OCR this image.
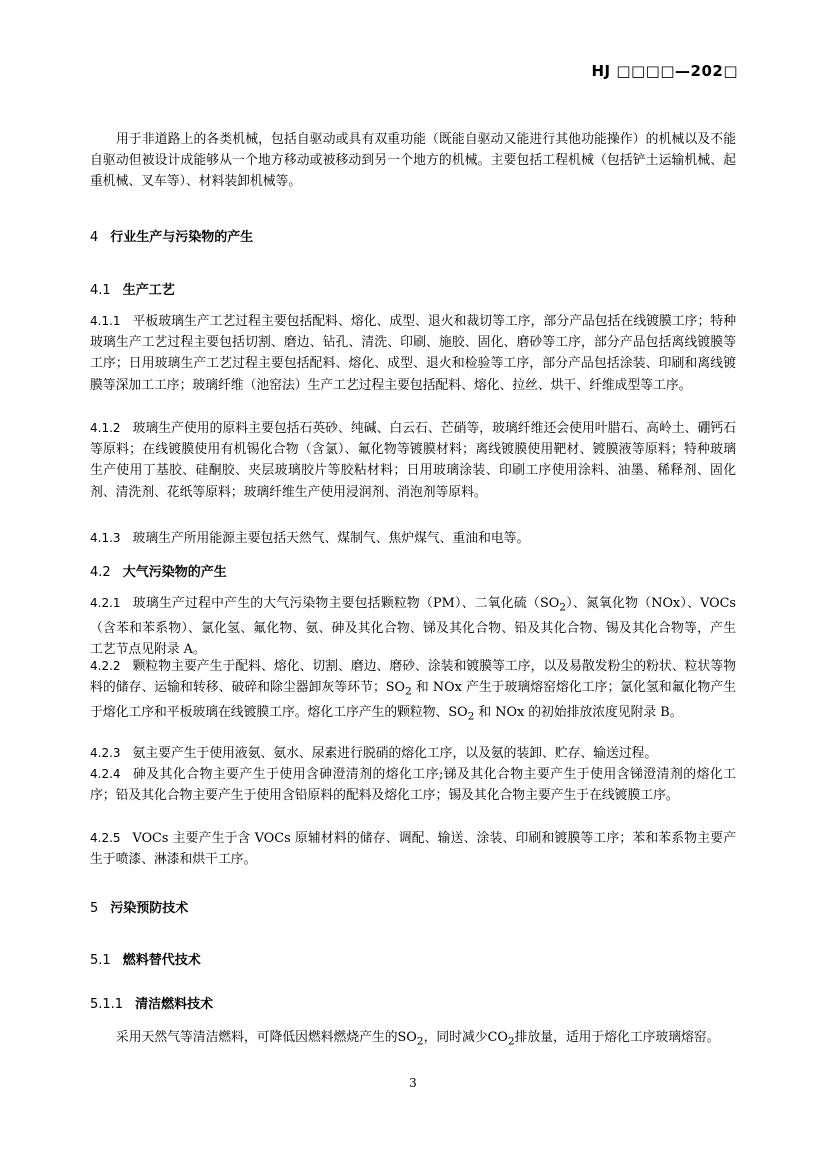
HJ □□□□—202□

用于非道路上的各类机械，包括自驱动或具有双重功能（既能自驱动又能进行其他功能操作）的机械以及不能自驱动但被设计成能够从一个地方移动或被移动到另一个地方的机械。主要包括工程机械（包括铲土运输机械、起重机械、叉车等）、材料装卸机械等。

4 行业生产与污染物的产生
4.1 生产工艺

4.1.1 平板玻璃生产工艺过程主要包括配料、熔化、成型、退火和裁切等工序，部分产品包括在线镀膜工序；特种玻璃生产工艺过程主要包括切割、磨边、钻孔、清洗、印刷、施胶、固化、磨砂等工序，部分产品包括离线镀膜等工序；日用玻璃生产工艺过程主要包括配料、熔化、成型、退火和检验等工序，部分产品包括涂装、印刷和离线镀膜等深加工工序；玻璃纤维（池窑法）生产工艺过程主要包括配料、熔化、拉丝、烘干、纤维成型等工序。

4.1.2 玻璃生产使用的原料主要包括石英砂、纯碱、白云石、芒硝等，玻璃纤维还会使用叶腊石、高岭土、硼钙石等原料；在线镀膜使用有机锡化合物（含氯）、氟化物等镀膜材料；离线镀膜使用靶材、镀膜液等原料；特种玻璃生产使用丁基胶、硅酮胶、夹层玻璃胶片等胶粘材料；日用玻璃涂装、印刷工序使用涂料、油墨、稀释剂、固化剂、清洗剂、花纸等原料；玻璃纤维生产使用浸润剂、消泡剂等原料。

4.1.3 玻璃生产所用能源主要包括天然气、煤制气、焦炉煤气、重油和电等。

4.2 大气污染物的产生

4.2.1 玻璃生产过程中产生的大气污染物主要包括颗粒物（PM）、二氧化硫$(SO_2)$、氮氧化物（NOx）、VOCs（含苯和苯系物）、氯化氢、氟化物、氨、砷及其化合物、锑及其化合物、铅及其化合物、锡及其化合物等，产生工艺节点见附录 A。

4.2.2 颗粒物主要产生于配料、熔化、切割、磨边、磨砂、涂装和镀膜等工序，以及易散发粉尘的粉状、粒状等物料的储存、运输和转移、破碎和除尘器卸灰等环节；$SO_2$ 和 NOx 产生于玻璃熔窑熔化工序；氯化氢和氟化物产生于熔化工序和平板玻璃在线镀膜工序。熔化工序产生的颗粒物、$SO_2$ 和 NOx 的初始排放浓度见附录 B。

4.2.3 氨主要产生于使用液氨、氨水、尿素进行脱硝的熔化工序，以及氨的装卸、贮存、输送过程。

4.2.4 砷及其化合物主要产生于使用含砷澄清剂的熔化工序;锑及其化合物主要产生于使用含锑澄清剂的熔化工序；铅及其化合物主要产生于使用含铅原料的配料及熔化工序；锡及其化合物主要产生于在线镀膜工序。

4.2.5 VOCs 主要产生于含 VOCs 原辅材料的储存、调配、输送、涂装、印刷和镀膜等工序；苯和苯系物主要产生于喷漆、淋漆和烘干工序。

5 污染预防技术
5.1 燃料替代技术
5.1.1 清洁燃料技术

采用天然气等清洁燃料，可降低因燃料燃烧产生的$SO_2$，同时减少$CO_2$排放量，适用于熔化工序玻璃熔窑。

3
